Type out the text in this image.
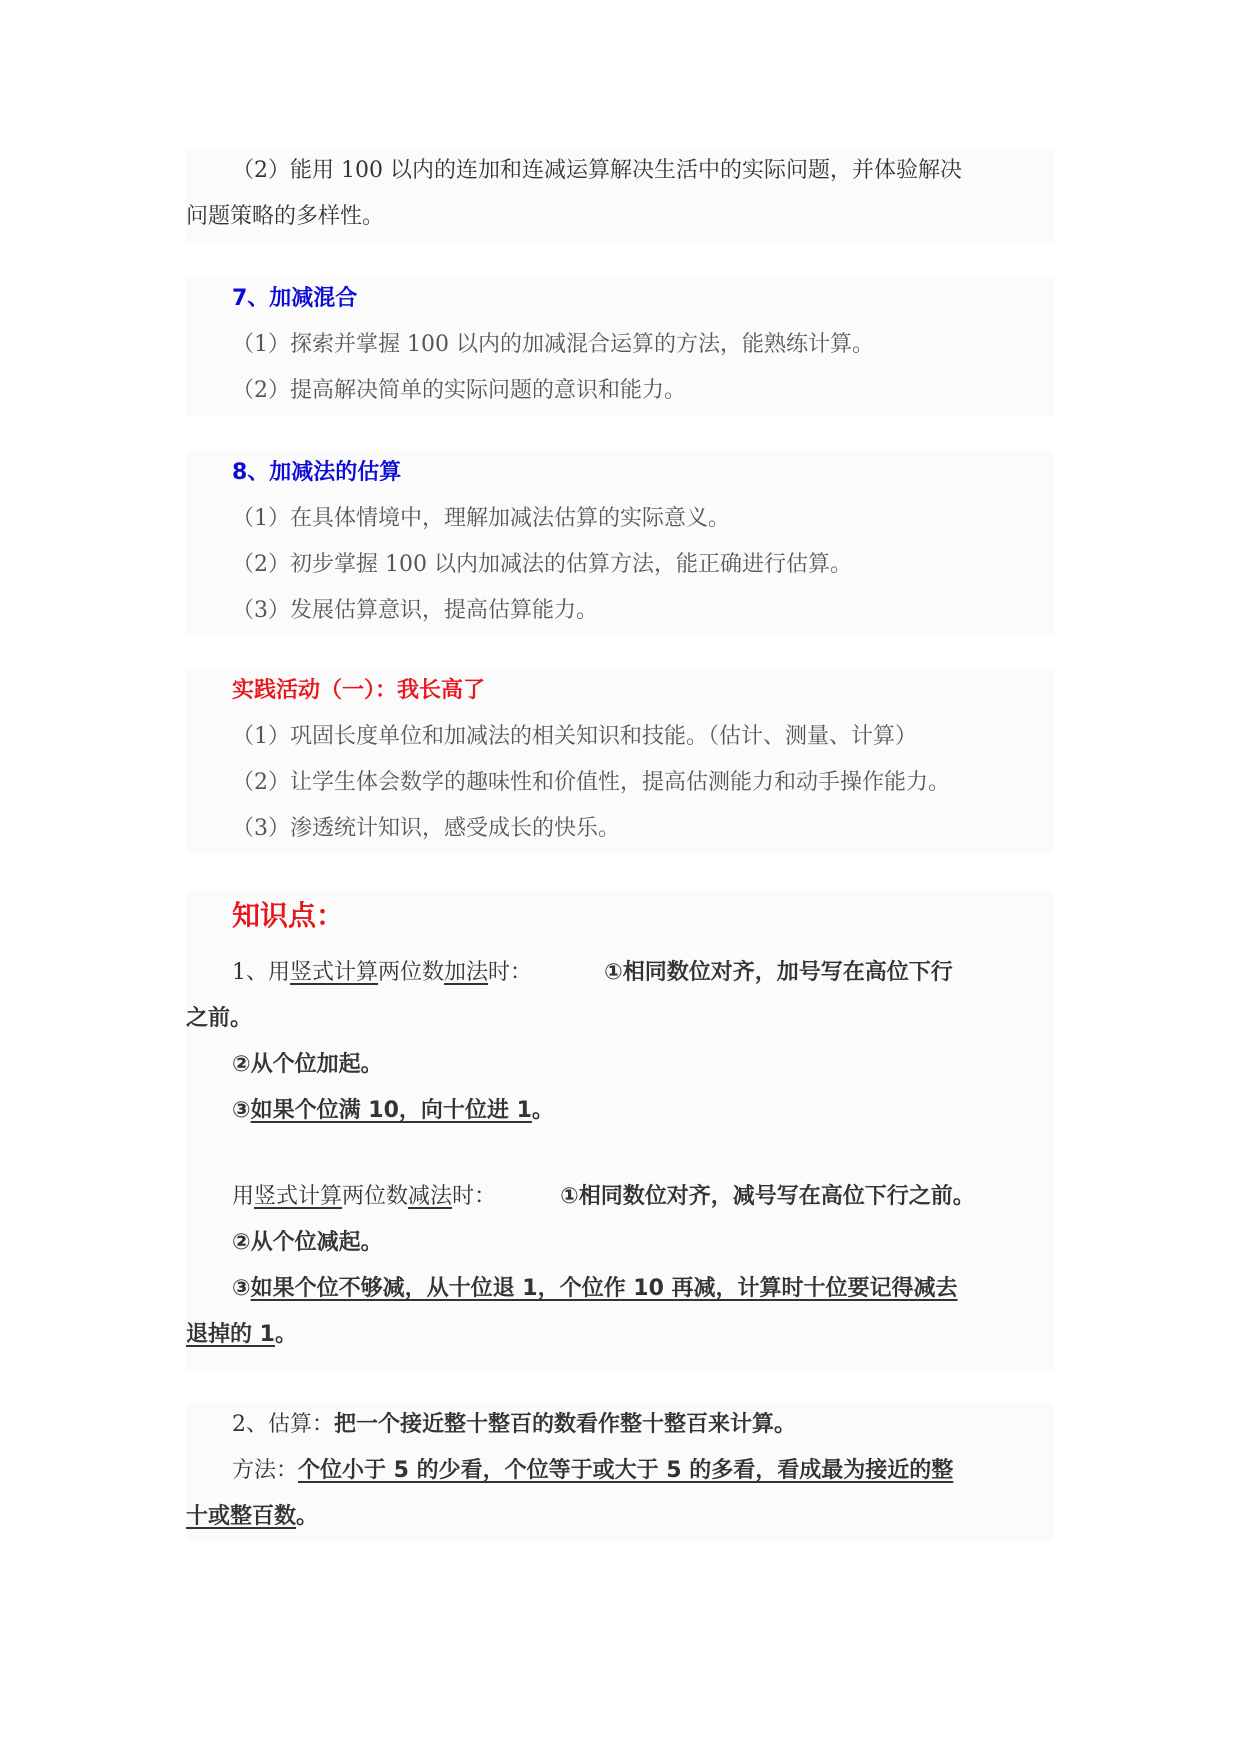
（2）能用 100 以内的连加和连减运算解决生活中的实际问题，并体验解决
问题策略的多样性。
7、加减混合
（1）探索并掌握 100 以内的加减混合运算的方法，能熟练计算。
（2）提高解决简单的实际问题的意识和能力。
8、加减法的估算
（1）在具体情境中，理解加减法估算的实际意义。
（2）初步掌握 100 以内加减法的估算方法，能正确进行估算。
（3）发展估算意识，提高估算能力。
实践活动（一）：我长高了
（1）巩固长度单位和加减法的相关知识和技能。（估计、测量、计算）
（2）让学生体会数学的趣味性和价值性，提高估测能力和动手操作能力。
（3）渗透统计知识，感受成长的快乐。
知识点：
1、用竖式计算两位数加法时：	①相同数位对齐，加号写在高位下行
之前。
②从个位加起。
③如果个位满 10，向十位进 1。
用竖式计算两位数减法时：	①相同数位对齐，减号写在高位下行之前。
②从个位减起。
③如果个位不够减，从十位退 1，个位作 10 再减，计算时十位要记得减去
退掉的 1。
2、估算：把一个接近整十整百的数看作整十整百来计算。
方法：个位小于 5 的少看，个位等于或大于 5 的多看，看成最为接近的整
十或整百数。
